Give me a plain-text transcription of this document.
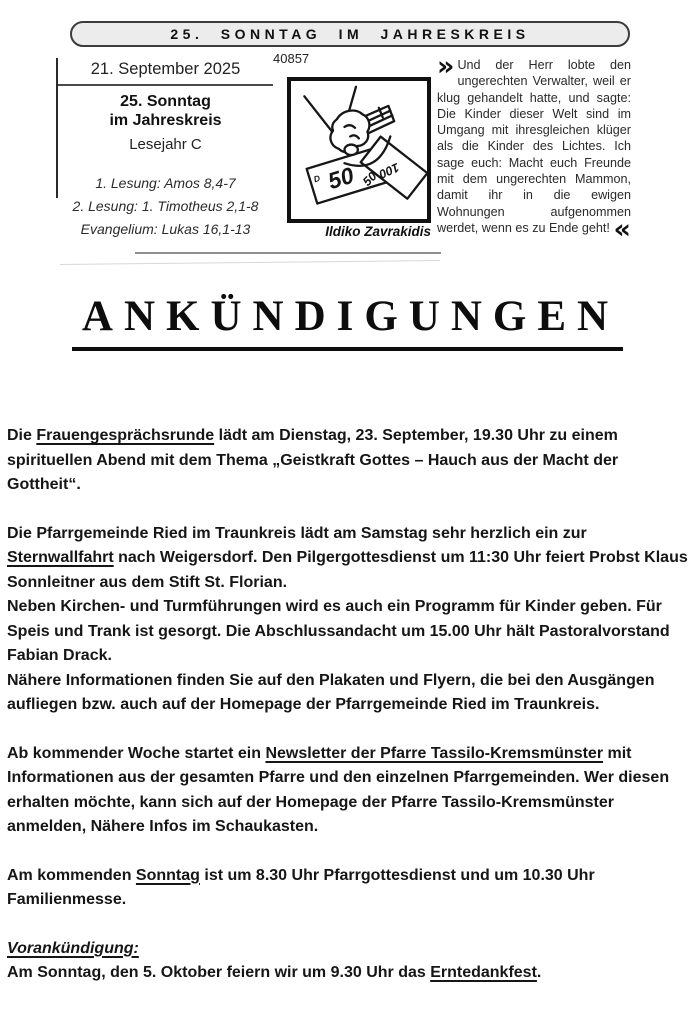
25. SONNTAG IM JAHRESKREIS
40857
21. September 2025
25. Sonntag
im Jahreskreis
Lesejahr C
1. Lesung: Amos 8,4-7
2. Lesung: 1. Timotheus 2,1-8
Evangelium: Lukas 16,1-13
50
D	50
100
Ildiko Zavrakidis
» Und der Herr lobte den ungerechten Verwalter, weil er klug gehandelt hatte, und sagte: Die Kinder dieser Welt sind im Umgang mit ihresgleichen klüger als die Kinder des Lichtes. Ich sage euch: Macht euch Freunde mit dem ungerechten Mammon, damit ihr in die ewigen Wohnungen aufgenommen werdet, wenn es zu Ende geht! «
ANKÜNDIGUNGEN

Die Frauengesprächsrunde lädt am Dienstag, 23. September, 19.30 Uhr zu einem spirituellen Abend mit dem Thema „Geistkraft Gottes – Hauch aus der Macht der Gottheit“.

Die Pfarrgemeinde Ried im Traunkreis lädt am Samstag sehr herzlich ein zur Sternwallfahrt nach Weigersdorf. Den Pilgergottesdienst um 11:30 Uhr feiert Probst Klaus Sonnleitner aus dem Stift St. Florian.
Neben Kirchen- und Turmführungen wird es auch ein Programm für Kinder geben. Für Speis und Trank ist gesorgt. Die Abschlussandacht um 15.00 Uhr hält Pastoralvorstand Fabian Drack.
Nähere Informationen finden Sie auf den Plakaten und Flyern, die bei den Ausgängen aufliegen bzw. auch auf der Homepage der Pfarrgemeinde Ried im Traunkreis.

Ab kommender Woche startet ein Newsletter der Pfarre Tassilo-Kremsmünster mit Informationen aus der gesamten Pfarre und den einzelnen Pfarrgemeinden. Wer diesen erhalten möchte, kann sich auf der Homepage der Pfarre Tassilo-Kremsmünster anmelden, Nähere Infos im Schaukasten.

Am kommenden Sonntag ist um 8.30 Uhr Pfarrgottesdienst und um 10.30 Uhr Familienmesse.

Vorankündigung:
Am Sonntag, den 5. Oktober feiern wir um 9.30 Uhr das Erntedankfest.
